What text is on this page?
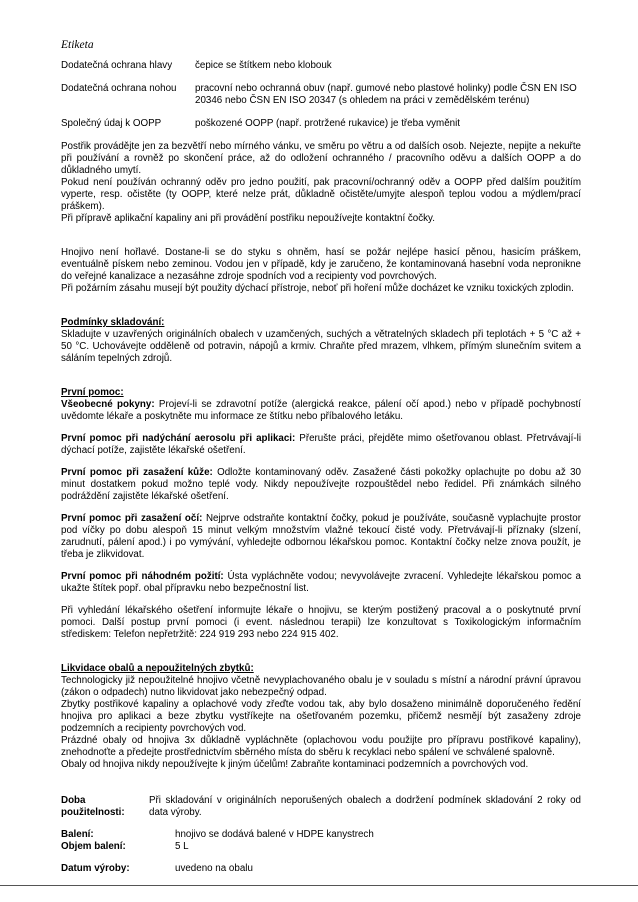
Etiketa
Dodatečná ochrana hlavy	čepice se štítkem nebo klobouk
Dodatečná ochrana nohou	pracovní nebo ochranná obuv (např. gumové nebo plastové holinky) podle ČSN EN ISO 20346 nebo ČSN EN ISO 20347 (s ohledem na práci v zemědělském terénu)
Společný údaj k OOPP	poškozené OOPP (např. protržené rukavice) je třeba vyměnit

Postřik provádějte jen za bezvětří nebo mírného vánku, ve směru po větru a od dalších osob. Nejezte, nepijte a nekuřte při používání a rovněž po skončení práce, až do odložení ochranného / pracovního oděvu a dalších OOPP a do důkladného umytí.

Pokud není používán ochranný oděv pro jedno použití, pak pracovní/ochranný oděv a OOPP před dalším použitím vyperte, resp. očistěte (ty OOPP, které nelze prát, důkladně očistěte/umyjte alespoň teplou vodou a mýdlem/prací práškem).

Při přípravě aplikační kapaliny ani při provádění postřiku nepoužívejte kontaktní čočky.

Hnojivo není hořlavé. Dostane-li se do styku s ohněm, hasí se požár nejlépe hasicí pěnou, hasicím práškem, eventuálně pískem nebo zeminou. Vodou jen v případě, kdy je zaručeno, že kontaminovaná hasební voda nepronikne do veřejné kanalizace a nezasáhne zdroje spodních vod a recipienty vod povrchových.

Při požárním zásahu musejí být použity dýchací přístroje, neboť při hoření může docházet ke vzniku toxických zplodin.

Podmínky skladování:

Skladujte v uzavřených originálních obalech v uzamčených, suchých a větratelných skladech při teplotách + 5 °C až + 50 °C. Uchovávejte odděleně od potravin, nápojů a krmiv. Chraňte před mrazem, vlhkem, přímým slunečním svitem a sáláním tepelných zdrojů.

První pomoc:

Všeobecné pokyny: Projeví-li se zdravotní potíže (alergická reakce, pálení očí apod.) nebo v případě pochybností uvědomte lékaře a poskytněte mu informace ze štítku nebo příbalového letáku.

První pomoc při nadýchání aerosolu při aplikaci: Přerušte práci, přejděte mimo ošetřovanou oblast. Přetrvávají-li dýchací potíže, zajistěte lékařské ošetření.

První pomoc při zasažení kůže: Odložte kontaminovaný oděv. Zasažené části pokožky oplachujte po dobu až 30 minut dostatkem pokud možno teplé vody. Nikdy nepoužívejte rozpouštědel nebo ředidel. Při známkách silného podráždění zajistěte lékařské ošetření.

První pomoc při zasažení očí: Nejprve odstraňte kontaktní čočky, pokud je používáte, současně vyplachujte prostor pod víčky po dobu alespoň 15 minut velkým množstvím vlažné tekoucí čisté vody. Přetrvávají-li příznaky (slzení, zarudnutí, pálení apod.) i po vymývání, vyhledejte odbornou lékařskou pomoc. Kontaktní čočky nelze znova použít, je třeba je zlikvidovat.

První pomoc při náhodném požití: Ústa vypláchněte vodou; nevyvolávejte zvracení. Vyhledejte lékařskou pomoc a ukažte štítek popř. obal přípravku nebo bezpečnostní list.

Při vyhledání lékařského ošetření informujte lékaře o hnojivu, se kterým postižený pracoval a o poskytnuté první pomoci. Další postup první pomoci (i event. následnou terapii) lze konzultovat s Toxikologickým informačním střediskem: Telefon nepřetržitě: 224 919 293 nebo 224 915 402.

Likvidace obalů a nepoužitelných zbytků:

Technologicky již nepoužitelné hnojivo včetně nevyplachovaného obalu je v souladu s místní a národní právní úpravou (zákon o odpadech) nutno likvidovat jako nebezpečný odpad.

Zbytky postřikové kapaliny a oplachové vody zřeďte vodou tak, aby bylo dosaženo minimálně doporučeného ředění hnojiva pro aplikaci a beze zbytku vystříkejte na ošetřovaném pozemku, přičemž nesmějí být zasaženy zdroje podzemních a recipienty povrchových vod.

Prázdné obaly od hnojiva 3x důkladně vypláchněte (oplachovou vodu použijte pro přípravu postřikové kapaliny), znehodnoťte a předejte prostřednictvím sběrného místa do sběru k recyklaci nebo spálení ve schválené spalovně.

Obaly od hnojiva nikdy nepoužívejte k jiným účelům! Zabraňte kontaminaci podzemních a povrchových vod.

Doba použitelnosti:
Při skladování v originálních neporušených obalech a dodržení podmínek skladování 2 roky od data výroby.
Balení:	hnojivo se dodává balené v HDPE kanystrech
Objem balení:	5 L
Datum výroby:	uvedeno na obalu
